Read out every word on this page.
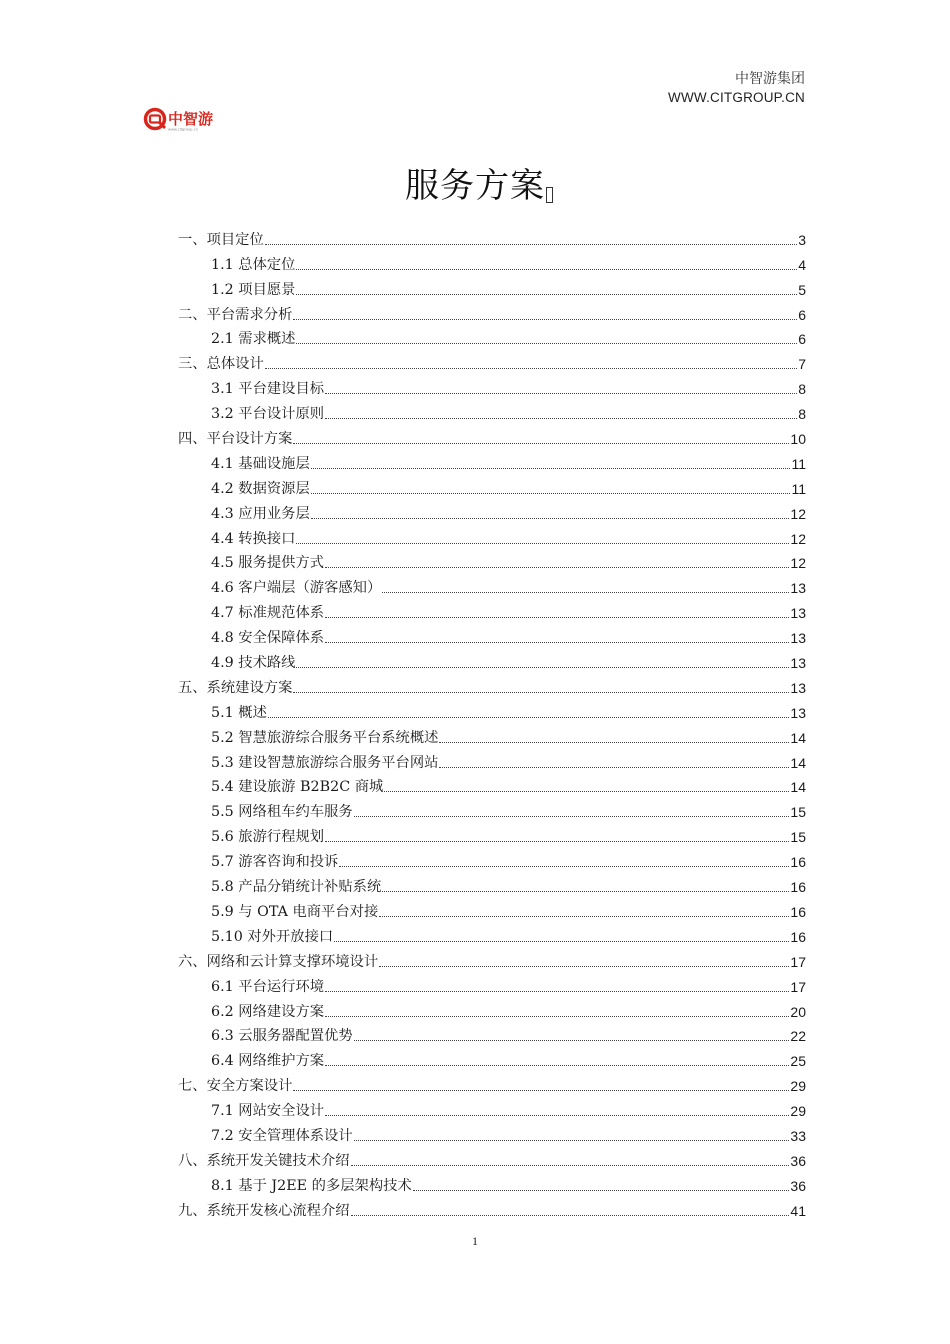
中智游集团
WWW.CITGROUP.CN
中智游
www.citgroup.cn
服务方案
一、项目定位	3
1.1 总体定位	4
1.2 项目愿景	5
二、平台需求分析	6
2.1 需求概述	6
三、总体设计	7
3.1 平台建设目标	8
3.2 平台设计原则	8
四、平台设计方案	10
4.1 基础设施层	11
4.2 数据资源层	11
4.3 应用业务层	12
4.4 转换接口	12
4.5 服务提供方式	12
4.6 客户端层（游客感知）	13
4.7 标准规范体系	13
4.8 安全保障体系	13
4.9 技术路线	13
五、系统建设方案	13
5.1 概述	13
5.2 智慧旅游综合服务平台系统概述	14
5.3 建设智慧旅游综合服务平台网站	14
5.4 建设旅游 B2B2C 商城	14
5.5 网络租车约车服务	15
5.6 旅游行程规划	15
5.7 游客咨询和投诉	16
5.8 产品分销统计补贴系统	16
5.9 与 OTA 电商平台对接	16
5.10 对外开放接口	16
六、网络和云计算支撑环境设计	17
6.1 平台运行环境	17
6.2 网络建设方案	20
6.3 云服务器配置优势	22
6.4 网络维护方案	25
七、安全方案设计	29
7.1 网站安全设计	29
7.2 安全管理体系设计	33
八、系统开发关键技术介绍	36
8.1 基于 J2EE 的多层架构技术	36
九、系统开发核心流程介绍	41
1
